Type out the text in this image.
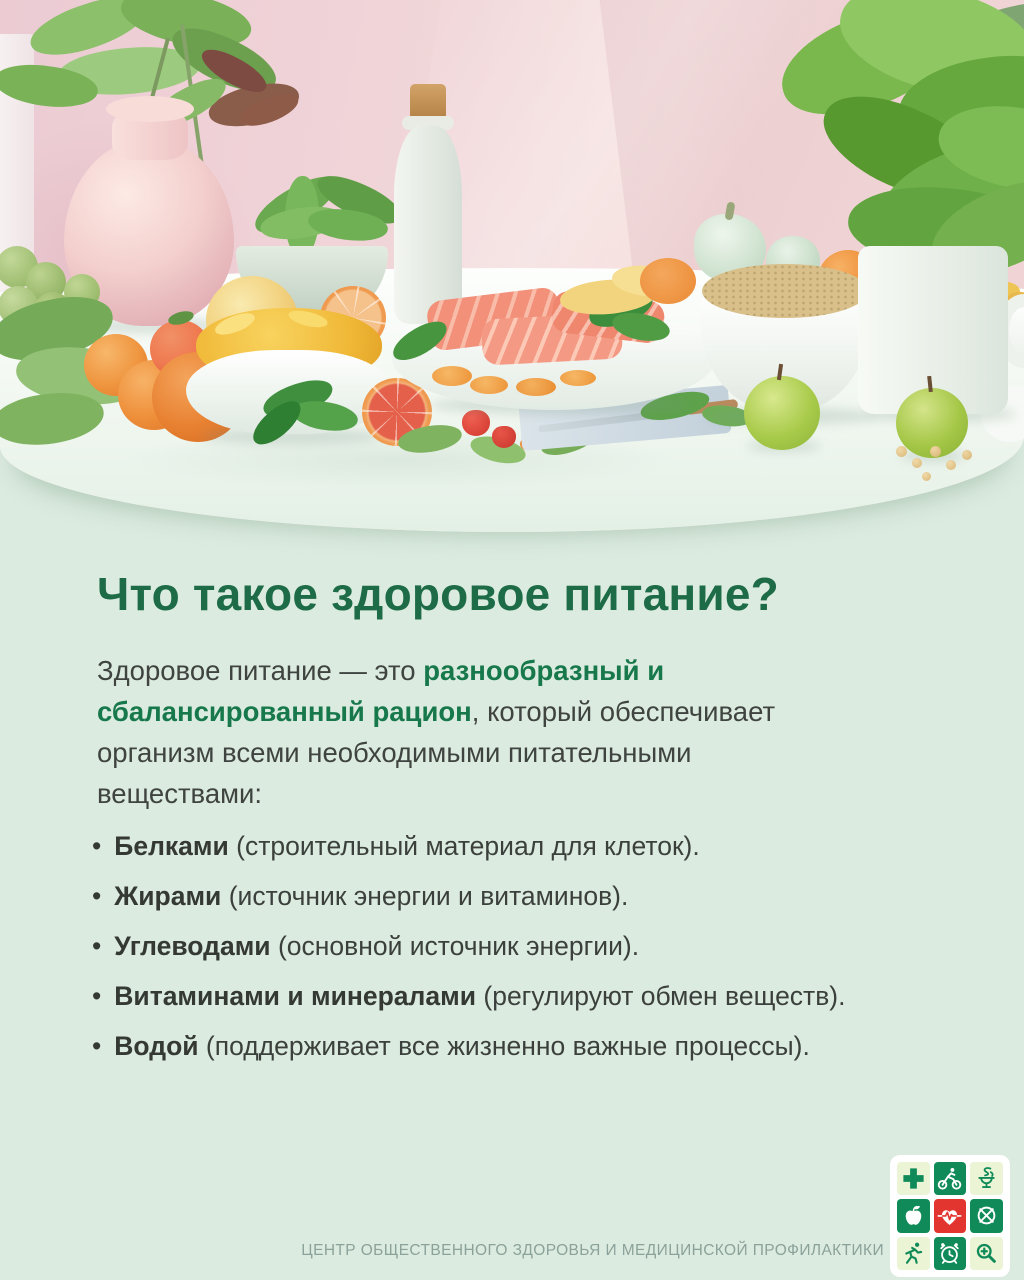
Что такое здоровое питание?

Здоровое питание — это разнообразный и
сбалансированный рацион, который обеспечивает
организм всеми необходимыми питательными
веществами:

• Белками (строительный материал для клеток).
• Жирами (источник энергии и витаминов).
• Углеводами (основной источник энергии).
• Витаминами и минералами (регулируют обмен веществ).
• Водой (поддерживает все жизненно важные процессы).
ЦЕНТР ОБЩЕСТВЕННОГО ЗДОРОВЬЯ И МЕДИЦИНСКОЙ ПРОФИЛАКТИКИ
